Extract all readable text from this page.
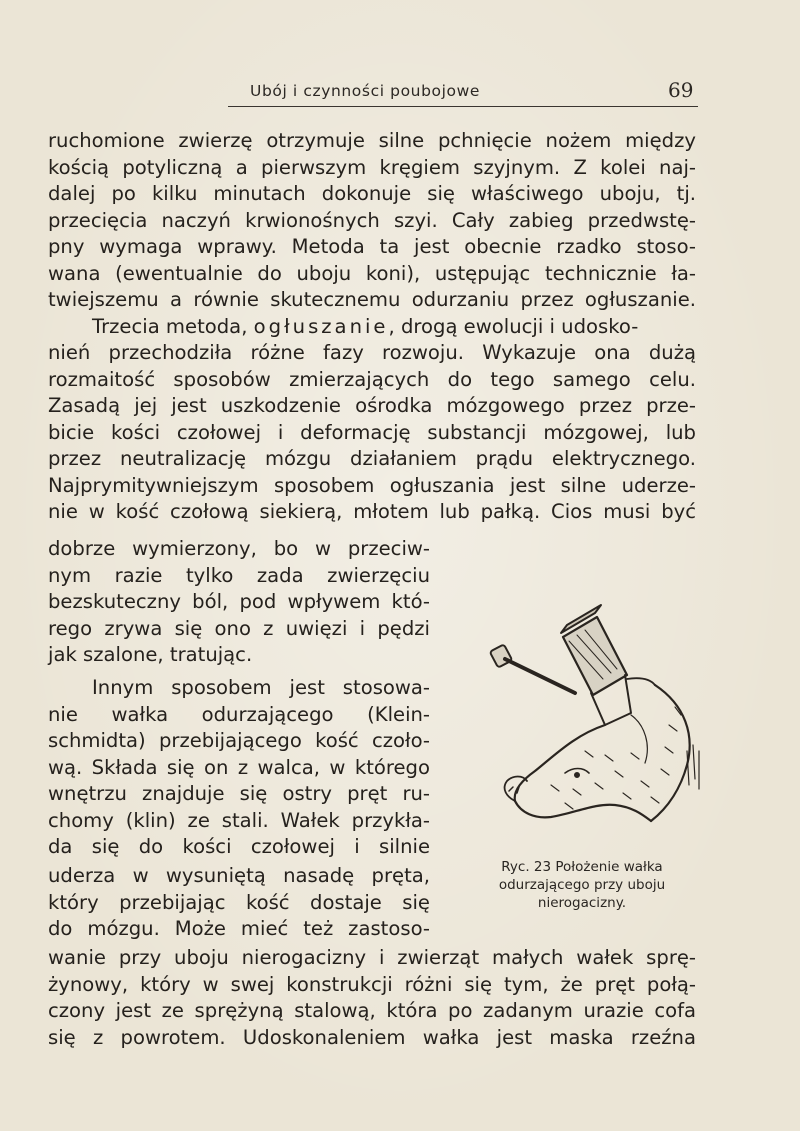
Ubój i czynności poubojowe	69

ruchomione zwierzę otrzymuje silne pchnięcie nożem między

kością potyliczną a pierwszym kręgiem szyjnym. Z kolei naj-

dalej po kilku minutach dokonuje się właściwego uboju, tj.

przecięcia naczyń krwionośnych szyi. Cały zabieg przedwstę-

pny wymaga wprawy. Metoda ta jest obecnie rzadko stoso-

wana (ewentualnie do uboju koni), ustępując technicznie ła-

twiejszemu a równie skutecznemu odurzaniu przez ogłuszanie.

Trzecia metoda, ogłuszanie , drogą ewolucji i udosko-

nień przechodziła różne fazy rozwoju. Wykazuje ona dużą

rozmaitość sposobów zmierzających do tego samego celu.

Zasadą jej jest uszkodzenie ośrodka mózgowego przez prze-

bicie kości czołowej i deformację substancji mózgowej, lub

przez neutralizację mózgu działaniem prądu elektrycznego.

Najprymitywniejszym sposobem ogłuszania jest silne uderze-

nie w kość czołową siekierą, młotem lub pałką. Cios musi być

dobrze wymierzony, bo w przeciw-

nym razie tylko zada zwierzęciu

bezskuteczny ból, pod wpływem któ-

rego zrywa się ono z uwięzi i pędzi

jak szalone, tratując.

Innym sposobem jest stosowa-

nie wałka odurzającego (Klein-

schmidta) przebijającego kość czoło-

wą. Składa się on z walca, w którego

wnętrzu znajduje się ostry pręt ru-

chomy (klin) ze stali. Wałek przykła-

da się do kości czołowej i silnie

uderza w wysuniętą nasadę pręta,

który przebijając kość dostaje się

do mózgu. Może mieć też zastoso-

wanie przy uboju nierogacizny i zwierząt małych wałek sprę-

żynowy, który w swej konstrukcji różni się tym, że pręt połą-

czony jest ze sprężyną stalową, która po zadanym urazie cofa

się z powrotem. Udoskonaleniem wałka jest maska rzeźna

Ryc. 23 Położenie wałka
odurzającego przy uboju
nierogacizny.
